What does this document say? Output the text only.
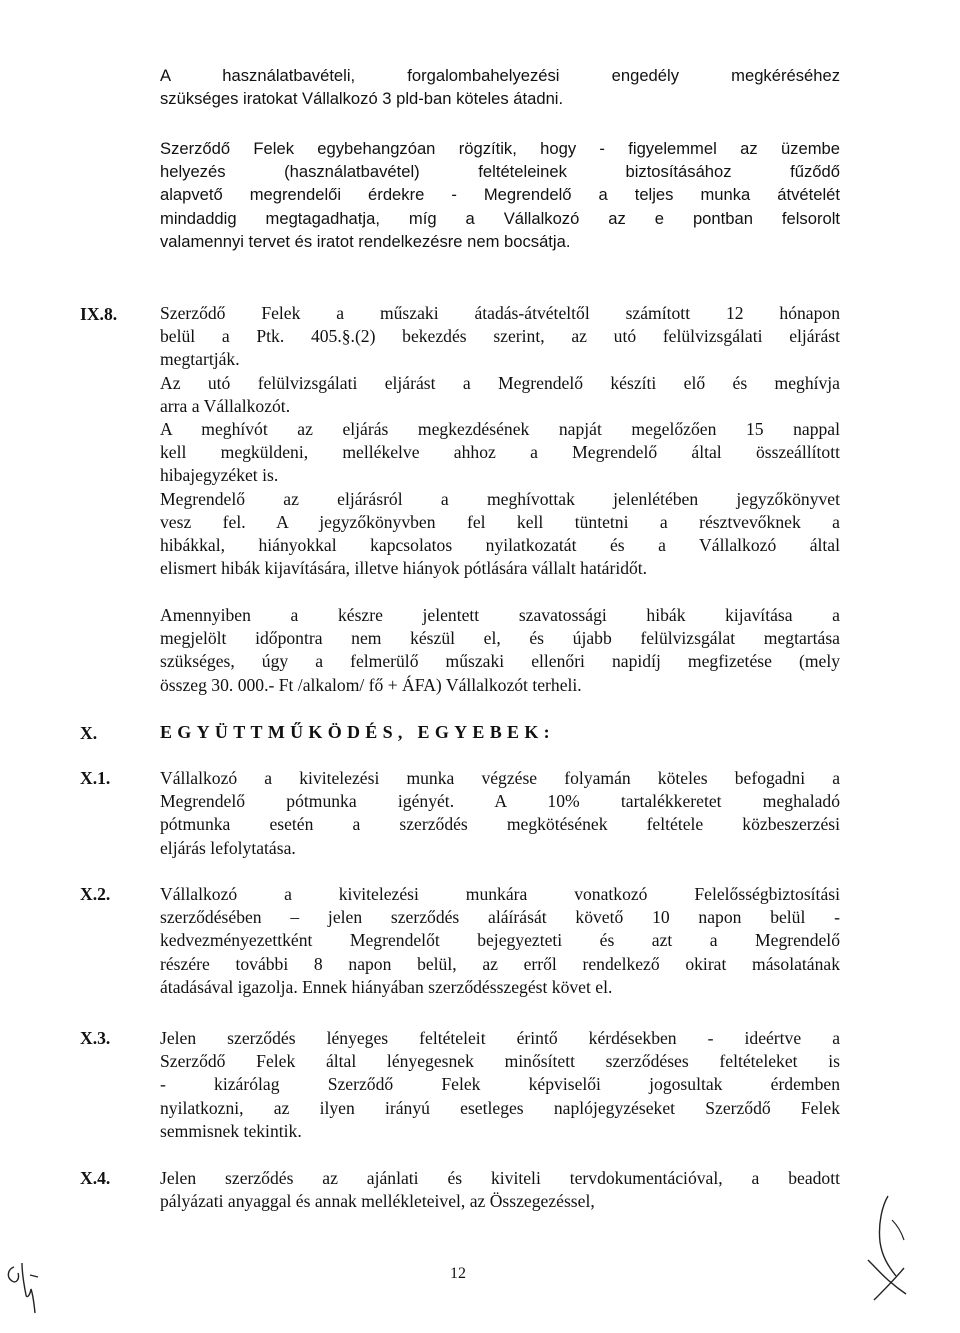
A használatbavételi, forgalombahelyezési engedély megkéréséhez
szükséges iratokat Vállalkozó 3 pld-ban köteles átadni.
Szerződő Felek egybehangzóan rögzítik, hogy - figyelemmel az üzembe
helyezés (használatbavétel) feltételeinek biztosításához fűződő
alapvető megrendelői érdekre - Megrendelő a teljes munka átvételét
mindaddig megtagadhatja, míg a Vállalkozó az e pontban felsorolt
valamennyi tervet és iratot rendelkezésre nem bocsátja.
IX.8. Szerződő Felek a műszaki átadás-átvételtől számított 12 hónapon
belül a Ptk. 405.§.(2) bekezdés szerint, az utó felülvizsgálati eljárást
megtartják.
Az utó felülvizsgálati eljárást a Megrendelő készíti elő és meghívja
arra a Vállalkozót.
A meghívót az eljárás megkezdésének napját megelőzően 15 nappal
kell megküldeni, mellékelve ahhoz a Megrendelő által összeállított
hibajegyzéket is.
Megrendelő az eljárásról a meghívottak jelenlétében jegyzőkönyvet
vesz fel. A jegyzőkönyvben fel kell tüntetni a résztvevőknek a
hibákkal, hiányokkal kapcsolatos nyilatkozatát és a Vállalkozó által
elismert hibák kijavítására, illetve hiányok pótlására vállalt határidőt.
Amennyiben a készre jelentett szavatossági hibák kijavítása a
megjelölt időpontra nem készül el, és újabb felülvizsgálat megtartása
szükséges, úgy a felmerülő műszaki ellenőri napidíj megfizetése (mely
összeg 30. 000.- Ft /alkalom/ fő + ÁFA) Vállalkozót terheli.
X.	EGYÜTTMŰKÖDÉS, EGYEBEK:
X.1.	Vállalkozó a kivitelezési munka végzése folyamán köteles befogadni a
Megrendelő pótmunka igényét. A 10% tartalékkeretet meghaladó
pótmunka esetén a szerződés megkötésének feltétele közbeszerzési
eljárás lefolytatása.
X.2.	Vállalkozó a kivitelezési munkára vonatkozó Felelősségbiztosítási
szerződésében – jelen szerződés aláírását követő 10 napon belül -
kedvezményezettként Megrendelőt bejegyezteti és azt a Megrendelő
részére további 8 napon belül, az erről rendelkező okirat másolatának
átadásával igazolja. Ennek hiányában szerződésszegést követ el.
X.3.	Jelen szerződés lényeges feltételeit érintő kérdésekben - ideértve a
Szerződő Felek által lényegesnek minősített szerződéses feltételeket is
- kizárólag Szerződő Felek képviselői jogosultak érdemben
nyilatkozni, az ilyen irányú esetleges naplójegyzéseket Szerződő Felek
semmisnek tekintik.
X.4.	Jelen szerződés az ajánlati és kiviteli tervdokumentációval, a beadott
pályázati anyaggal és annak mellékleteivel, az Összegezéssel,
12
